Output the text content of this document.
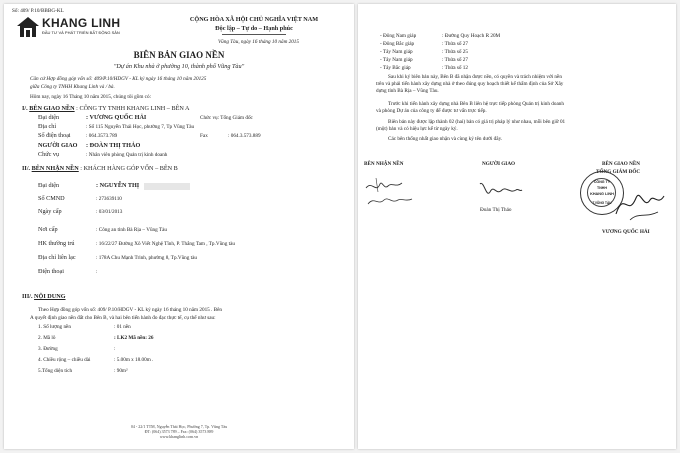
Số: 409/ P.10/BBBG-KL
KHANG LINH
ĐẦU TƯ VÀ PHÁT TRIỂN BẤT ĐỘNG SẢN
CỘNG HÒA XÃ HỘI CHỦ NGHĨA VIỆT NAM
Độc lập – Tự do – Hạnh phúc
Vũng Tàu, ngày 16 tháng 10 năm 2015
BIÊN BẢN GIAO NỀN
"Dự án Khu nhà ở phường 10, thành phố Vũng Tàu"
Căn cứ Hợp đồng góp vốn số: 409/P.10/HDGV - KL ký ngày 16 tháng 10 năm 20125
giữa Công ty TNHH Khang Linh và / bà.
Hôm nay, ngày 16 Tháng 10 năm 2015, chúng tôi gồm có:
I/. BÊN GIAO NỀN : CÔNG TY TNHH KHANG LINH – BÊN A
Đại diện	: VƯƠNG QUỐC HẢI	Chức vụ: Tổng Giám đốc
Địa chỉ	: Số 115 Nguyễn Thái Học, phường 7, Tp Vũng Tàu
Số điện thoại	: 064.3573.789	Fax	: 064.3.573.889
NGƯỜI GIAO : ĐOÀN THỊ THẢO
Chức vụ	: Nhân viên phòng Quản trị kinh doanh
II/. BÊN NHẬN NỀN : KHÁCH HÀNG GÓP VỐN – BÊN B
Đại diện	: NGUYỄN THỊ
Số CMND	: 273639110
Ngày cấp	: 03/01/2013
Nơi cấp	: Công an tỉnh Bà Rịa – Vũng Tàu
HK thường trú	: 16/22/27 Đường Xô Viết Nghệ Tĩnh, P. Thắng Tam , Tp.Vũng tàu
Địa chỉ liên lạc	: 178A Chu Mạnh Trinh, phường 8, Tp.Vũng tàu
Điện thoại	:
III/. NỘI DUNG
Theo Hợp đồng góp vốn số: 409/ P.10/HDGV - KL ký ngày 16 tháng 10 năm 2015 . Bên
A quyết định giao nền đất cho Bên B, và hai bên tiến hành đo đạc thực tế, cụ thể như sau:
1. Số lượng nền	: 01 nền
2. Mã lô	: LK2 Mã nền: 26
3. Đường	:
4. Chiều rộng – chiều dài	: 5.00m x 18.00m .
5.Tổng diện tích	: 90m²
04 - 22/1 TTM, Nguyễn Thái Học, Phường 7, Tp. Vũng Tàu
ĐT: (064) 3573 789 – Fax: (064) 3573 889
www.khanglinh.com.vn
- Đông Nam giáp	: Đường Quy Hoạch R 20M
- Đông Bắc giáp	: Thửa số 27
- Tây Nam giáp	: Thửa số 25
- Tây Nam giáp	: Thửa số 27
- Tây Bắc giáp	: Thửa số 12
Sau khi ký biên bản này, Bên B đã nhận được nền, có quyền và trách nhiệm với nền
trên và phải tiến hành xây dựng nhà ở theo đúng quy hoạch thiết kế thẩm định của Sở Xây
dựng tỉnh Bà Rịa – Vũng Tàu.
Trước khi tiến hành xây dựng nhà Bên B liên hệ trực tiếp phòng Quản trị kinh doanh
và phòng Dự án của công ty để được tư vấn trực tiếp.
Biên bản này được lập thành 02 (hai) bản có giá trị pháp lý như nhau, mỗi bên giữ 01
(một) bản và có hiệu lực kể từ ngày ký.
Các bên thống nhất giao nhận và cùng ký tên dưới đây.
BÊN NHẬN NỀN	NGƯỜI GIAO	BÊN GIAO NỀN
TỔNG GIÁM ĐỐC
Đoàn Thị Thảo
CÔNG TY
TNHH
KHANG LINH
T.VŨNG TÀU
VƯƠNG QUỐC HẢI
